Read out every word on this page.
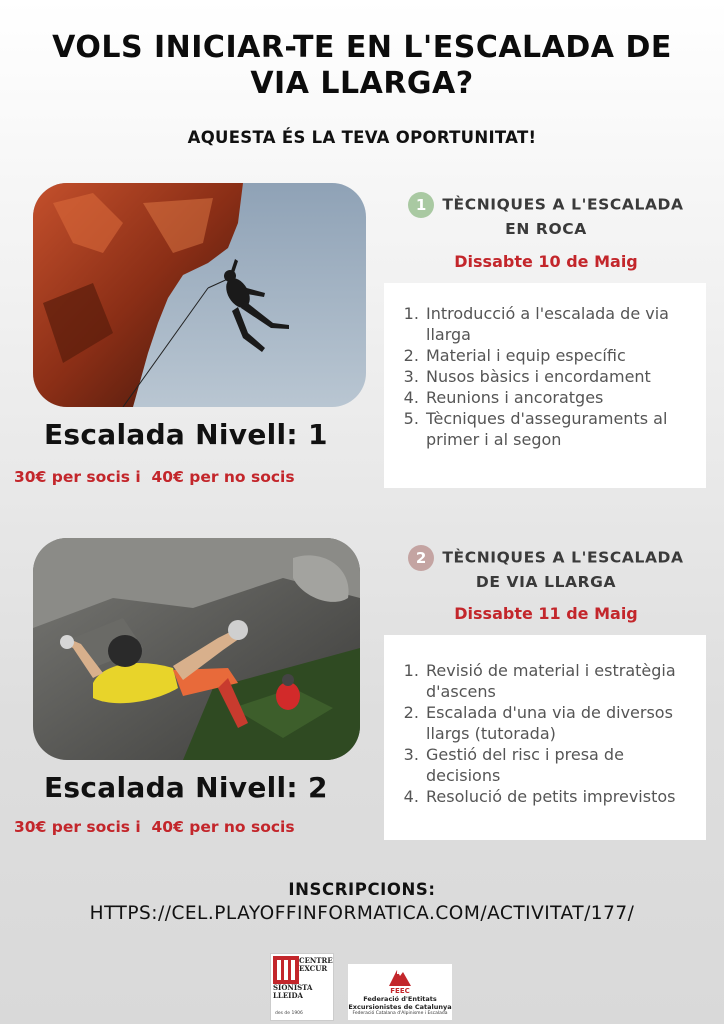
VOLS INICIAR-TE EN L'ESCALADA DE
VIA LLARGA?
AQUESTA ÉS LA TEVA OPORTUNITAT!
Escalada Nivell: 1
30€ per socis i  40€ per no socis
1 TÈCNIQUES A L'ESCALADA
EN ROCA
Dissabte 10 de Maig
1. Introducció a l'escalada de via llarga
2. Material i equip específic
3. Nusos bàsics i encordament
4. Reunions i ancoratges
5. Tècniques d'asseguraments al primer i al segon
Escalada Nivell: 2
30€ per socis i  40€ per no socis
2 TÈCNIQUES A L'ESCALADA
DE VIA LLARGA
Dissabte 11 de Maig
1. Revisió de material i estratègia d'ascens
2. Escalada d'una via de diversos llargs (tutorada)
3. Gestió del risc i presa de decisions
4. Resolució de petits imprevistos
INSCRIPCIONS:
HTTPS://CEL.PLAYOFFINFORMATICA.COM/ACTIVITAT/177/
CENTRE
EXCUR
SIONISTA
LLEIDA
des de 1906
FEEC
Federació d'Entitats
Excursionistes de Catalunya
Federació Catalana d'Alpinisme i Escalada
